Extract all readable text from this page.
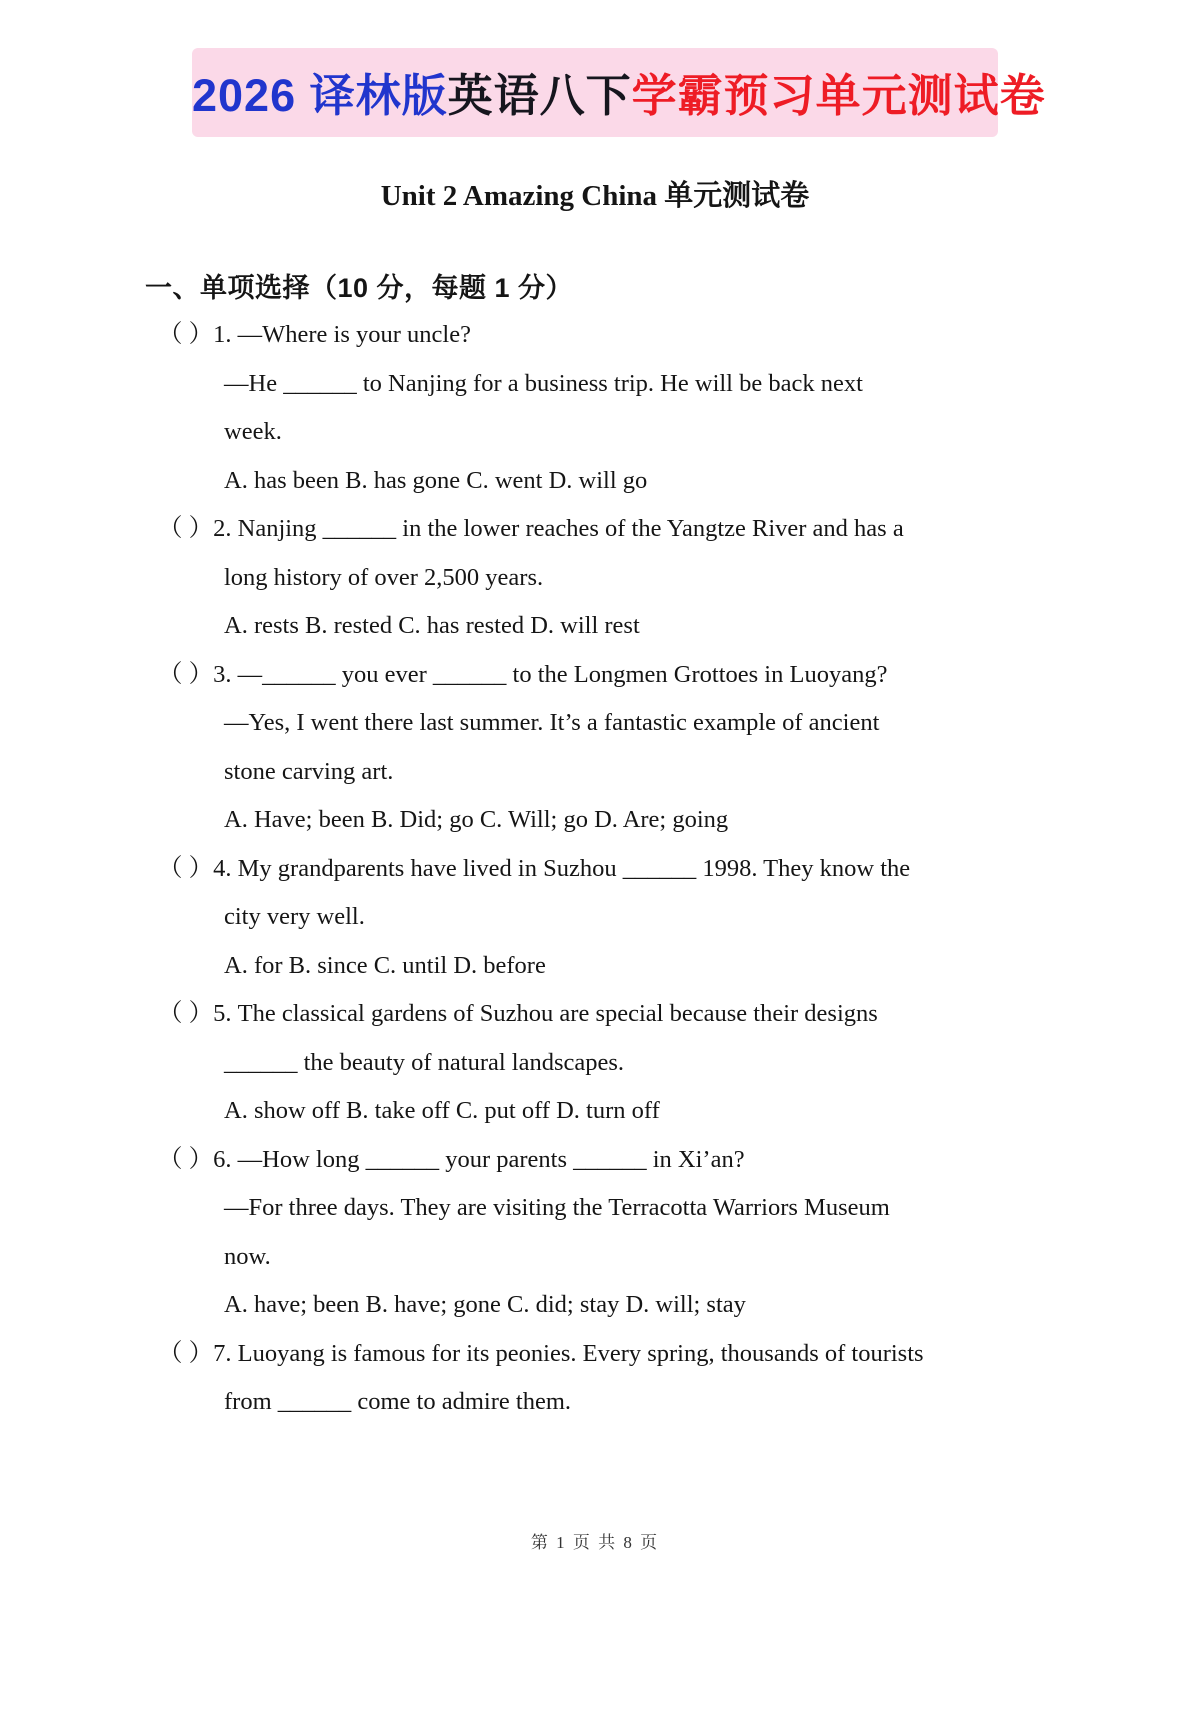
2026 译林版英语八下学霸预习单元测试卷
Unit 2 Amazing China 单元测试卷
一、单项选择（10 分，每题 1 分）

（ ）1. —Where is your uncle?

—He ______ to Nanjing for a business trip. He will be back next

week.

A. has been B. has gone C. went D. will go

（ ）2. Nanjing ______ in the lower reaches of the Yangtze River and has a

long history of over 2,500 years.

A. rests B. rested C. has rested D. will rest

（ ）3. —______ you ever ______ to the Longmen Grottoes in Luoyang?

—Yes, I went there last summer. It’s a fantastic example of ancient

stone carving art.

A. Have; been B. Did; go C. Will; go D. Are; going

（ ）4. My grandparents have lived in Suzhou ______ 1998. They know the

city very well.

A. for B. since C. until D. before

（ ）5. The classical gardens of Suzhou are special because their designs

______ the beauty of natural landscapes.

A. show off B. take off C. put off D. turn off

（ ）6. —How long ______ your parents ______ in Xi’an?

—For three days. They are visiting the Terracotta Warriors Museum

now.

A. have; been B. have; gone C. did; stay D. will; stay

（ ）7. Luoyang is famous for its peonies. Every spring, thousands of tourists

from ______ come to admire them.

第 1 页 共 8 页
